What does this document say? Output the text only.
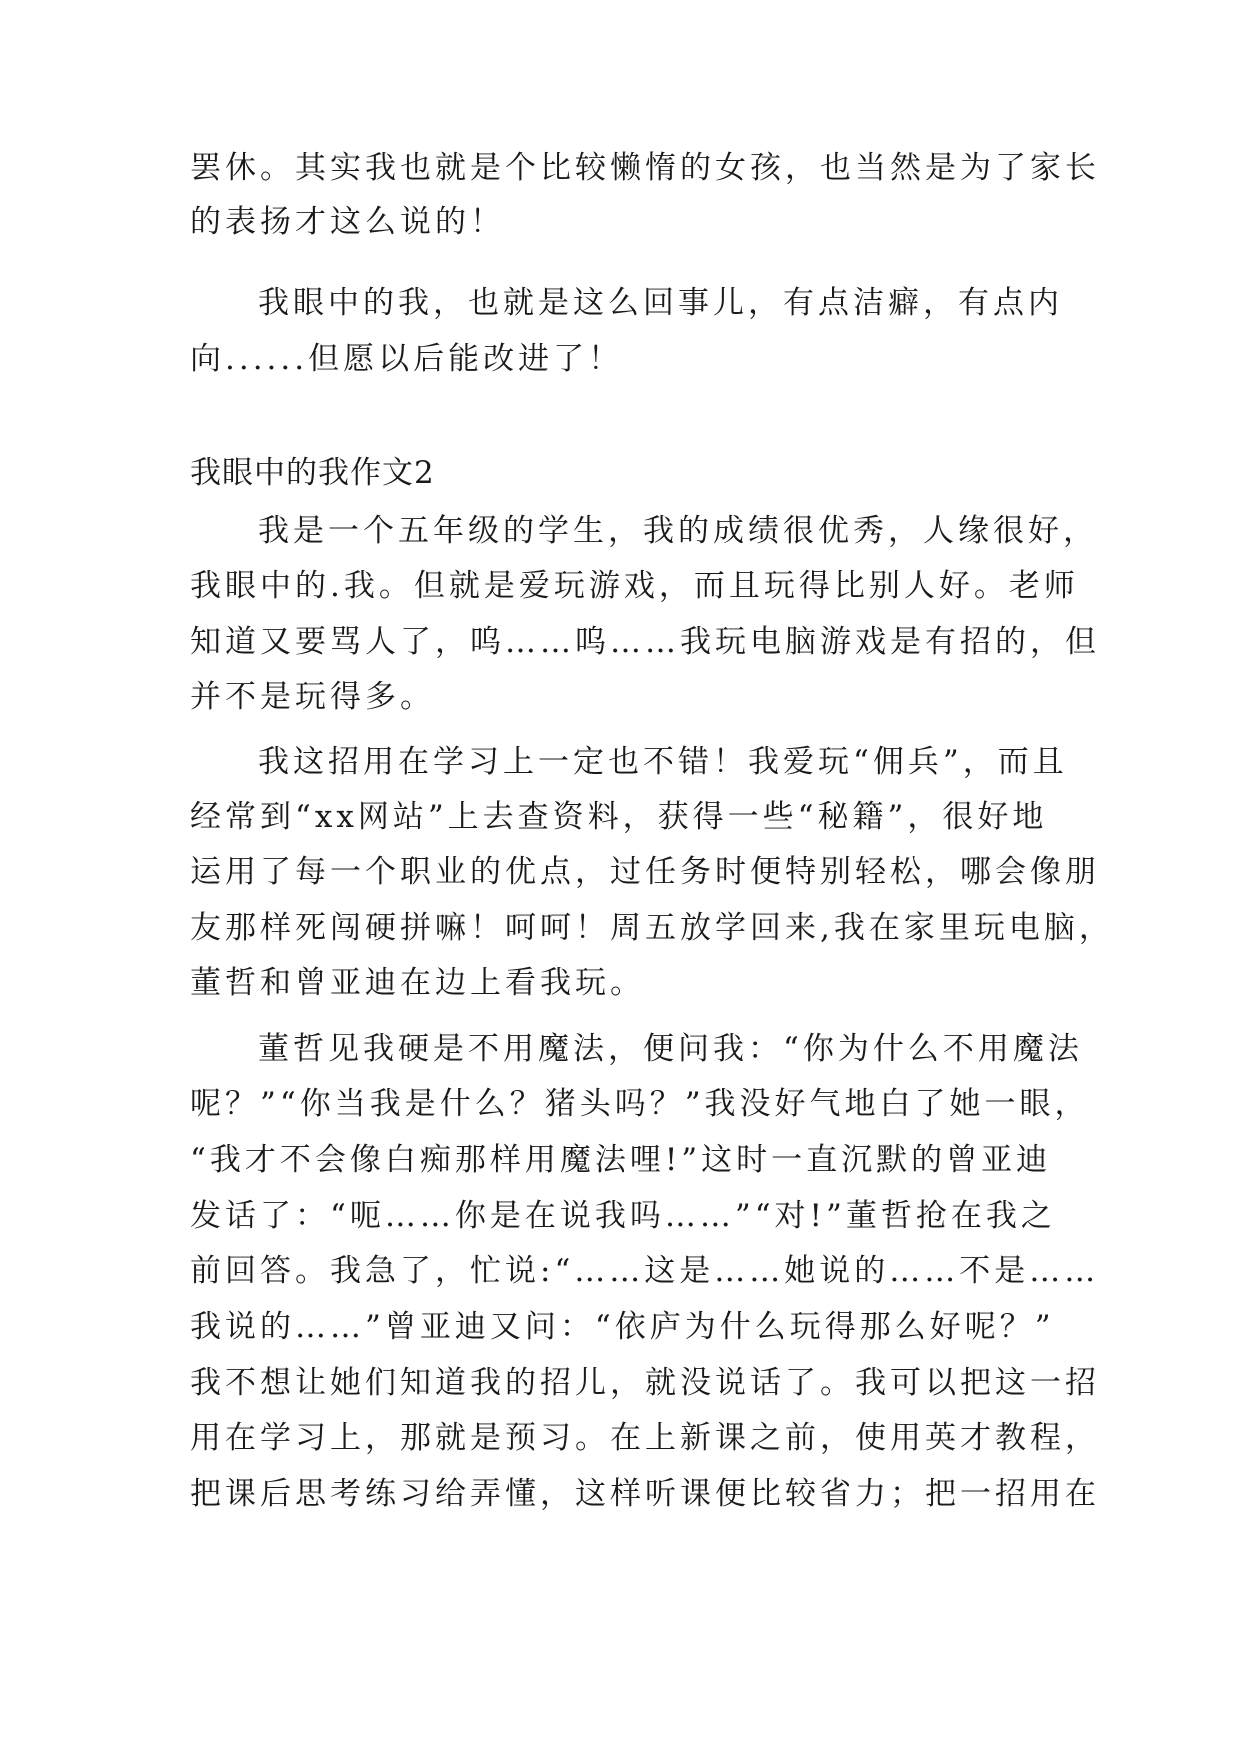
罢休。其实我也就是个比较懒惰的女孩，也当然是为了家长
的表扬才这么说的！
我眼中的我，也就是这么回事儿，有点洁癖，有点内
向......但愿以后能改进了！
我眼中的我作文2
我是一个五年级的学生，我的成绩很优秀，人缘很好，
我眼中的.我。但就是爱玩游戏，而且玩得比别人好。老师
知道又要骂人了，呜……呜……我玩电脑游戏是有招的，但
并不是玩得多。
我这招用在学习上一定也不错！我爱玩“佣兵”，而且
经常到“xx网站”上去查资料，获得一些“秘籍”，很好地
运用了每一个职业的优点，过任务时便特别轻松，哪会像朋
友那样死闯硬拼嘛！呵呵！周五放学回来,我在家里玩电脑，
董哲和曾亚迪在边上看我玩。
董哲见我硬是不用魔法，便问我：“你为什么不用魔法
呢？”“你当我是什么？猪头吗？”我没好气地白了她一眼，
“我才不会像白痴那样用魔法哩!”这时一直沉默的曾亚迪
发话了：“呃……你是在说我吗……”“对!”董哲抢在我之
前回答。我急了，忙说:“……这是……她说的……不是……
我说的……”曾亚迪又问：“依庐为什么玩得那么好呢？”
我不想让她们知道我的招儿，就没说话了。我可以把这一招
用在学习上，那就是预习。在上新课之前，使用英才教程，
把课后思考练习给弄懂，这样听课便比较省力；把一招用在
